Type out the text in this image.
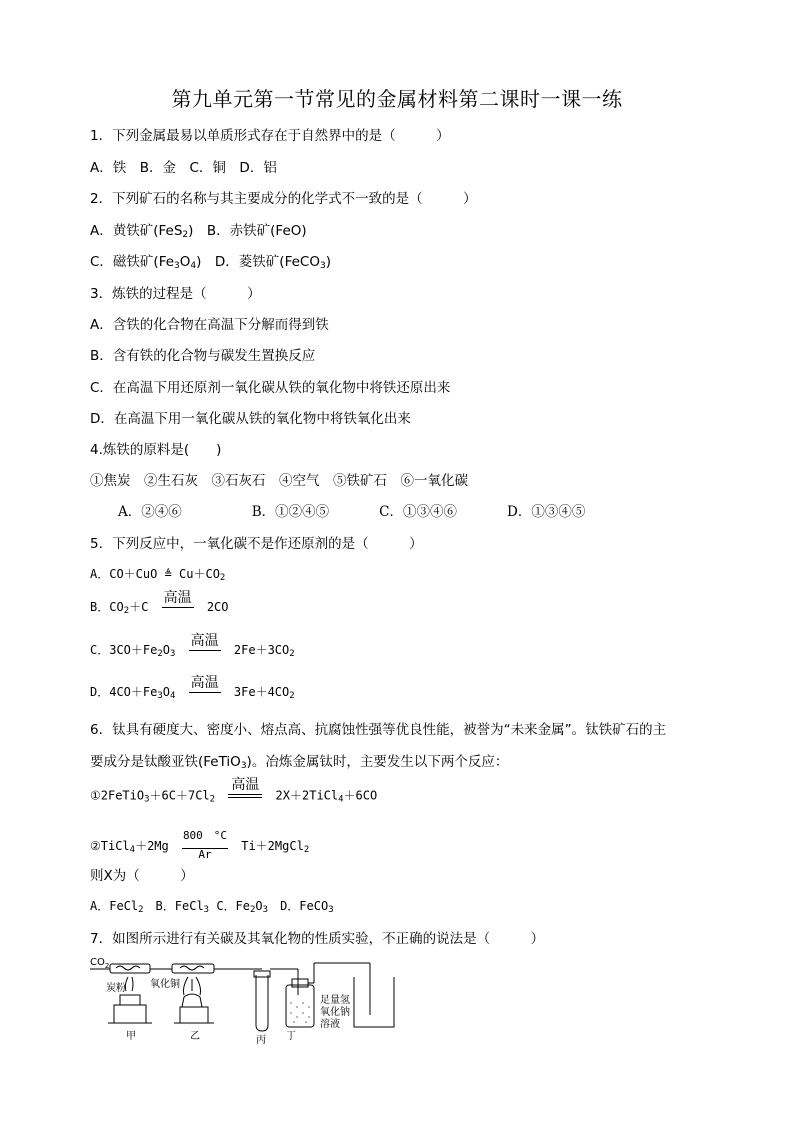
第九单元第一节常见的金属材料第二课时一课一练
1．下列金属最易以单质形式存在于自然界中的是（　　　）
A．铁　B．金　C．铜　D．铝
2．下列矿石的名称与其主要成分的化学式不一致的是（　　　）
A．黄铁矿(FeS$_2$)　B．赤铁矿(FeO)
C．磁铁矿$(Fe_3O_4)$　D．菱铁矿(FeCO$_3$)
3．炼铁的过程是（　　　）
A．含铁的化合物在高温下分解而得到铁
B．含有铁的化合物与碳发生置换反应
C．在高温下用还原剂一氧化碳从铁的氧化物中将铁还原出来
D．在高温下用一氧化碳从铁的氧化物中将铁氧化出来
4.炼铁的原料是(　　)
①焦炭　②生石灰　③石灰石　④空气　⑤铁矿石　⑥一氧化碳
A．②④⑥	B．①②④⑤	C．①③④⑥	D．①③④⑤
5．下列反应中，一氧化碳不是作还原剂的是（　　　）
A．CO＋CuO ≜ $Cu+CO_2$
B．$CO_2+C$
高温
2CO
C．$3CO+Fe_2O_3$
高温
$2Fe+3CO_2$
D．$4CO+Fe_3O_4$
高温
$3Fe+4CO_2$
6．钛具有硬度大、密度小、熔点高、抗腐蚀性强等优良性能，被誉为“未来金属”。钛铁矿石的主
要成分是钛酸亚铁(FeTiO$_3$)。冶炼金属钛时，主要发生以下两个反应：
$①2FeTiO_3+6C+7Cl_2$
高温
2X＋2TiCl$_4$＋6CO
②TiCl$_4$＋2Mg $\frac{800 ^\circ C}{Ar}$ Ti＋2MgCl$_2$
则X为（　　　）
A．FeCl$_2$　B．FeCl$_3$ C．$Fe_2O_3$　D．FeCO$_3$
7．如图所示进行有关碳及其氧化物的性质实验，不正确的说法是（　　　）
$CO_2$
炭粉 氧化铜
足量氢
氧化钠
溶液
甲	乙	丙 丁
